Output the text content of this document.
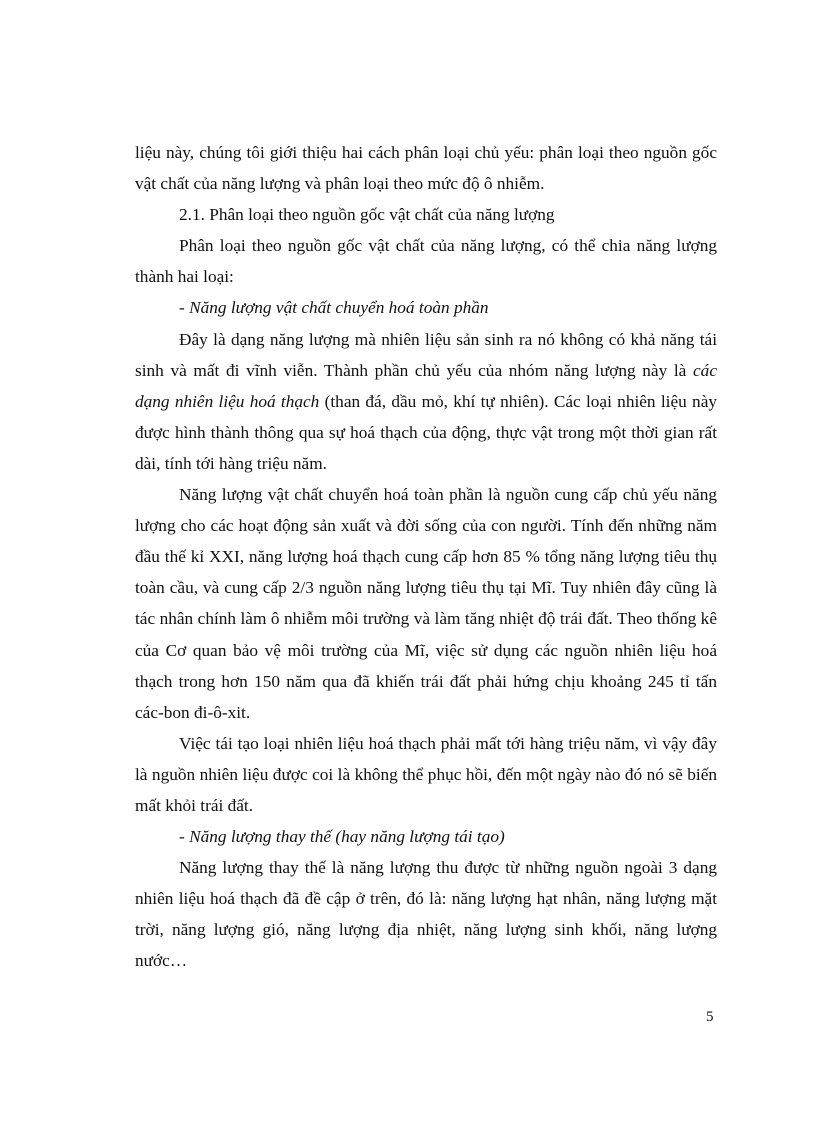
liệu này, chúng tôi giới thiệu hai cách phân loại chủ yếu: phân loại theo nguồn gốc vật chất của năng lượng và phân loại theo mức độ ô nhiễm.

2.1. Phân loại theo nguồn gốc vật chất của năng lượng

Phân loại theo nguồn gốc vật chất của năng lượng, có thể chia năng lượng thành hai loại:

- Năng lượng vật chất chuyển hoá toàn phần

Đây là dạng năng lượng mà nhiên liệu sản sinh ra nó không có khả năng tái sinh và mất đi vĩnh viễn. Thành phần chủ yếu của nhóm năng lượng này là các dạng nhiên liệu hoá thạch (than đá, dầu mỏ, khí tự nhiên). Các loại nhiên liệu này được hình thành thông qua sự hoá thạch của động, thực vật trong một thời gian rất dài, tính tới hàng triệu năm.

Năng lượng vật chất chuyển hoá toàn phần là nguồn cung cấp chủ yếu năng lượng cho các hoạt động sản xuất và đời sống của con người. Tính đến những năm đầu thế kỉ XXI, năng lượng hoá thạch cung cấp hơn 85 % tổng năng lượng tiêu thụ toàn cầu, và cung cấp 2/3 nguồn năng lượng tiêu thụ tại Mĩ. Tuy nhiên đây cũng là tác nhân chính làm ô nhiễm môi trường và làm tăng nhiệt độ trái đất. Theo thống kê của Cơ quan bảo vệ môi trường của Mĩ, việc sử dụng các nguồn nhiên liệu hoá thạch trong hơn 150 năm qua đã khiến trái đất phải hứng chịu khoảng 245 tỉ tấn các-bon đi-ô-xit.

Việc tái tạo loại nhiên liệu hoá thạch phải mất tới hàng triệu năm, vì vậy đây là nguồn nhiên liệu được coi là không thể phục hồi, đến một ngày nào đó nó sẽ biến mất khỏi trái đất.

- Năng lượng thay thế (hay năng lượng tái tạo)

Năng lượng thay thế là năng lượng thu được từ những nguồn ngoài 3 dạng nhiên liệu hoá thạch đã đề cập ở trên, đó là: năng lượng hạt nhân, năng lượng mặt trời, năng lượng gió, năng lượng địa nhiệt, năng lượng sinh khối, năng lượng nước…

5
